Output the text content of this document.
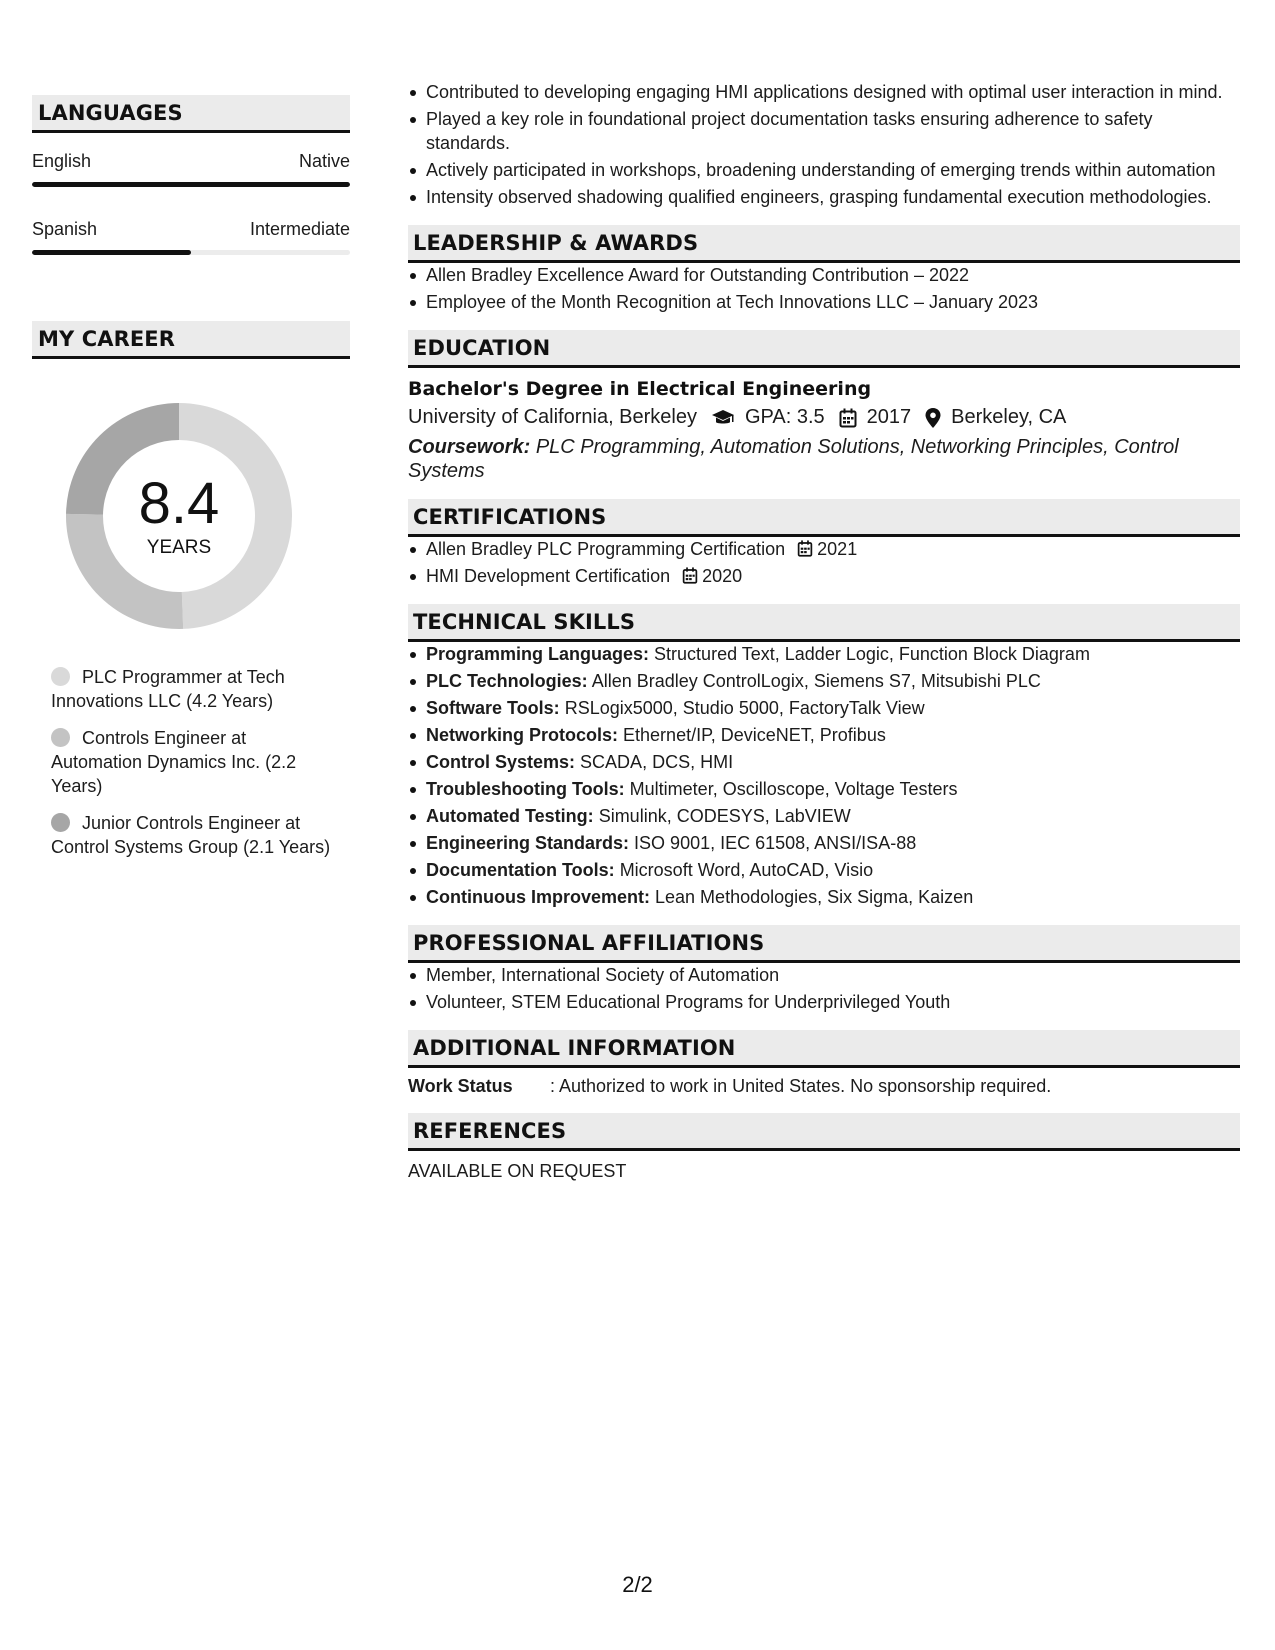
LANGUAGES
English	Native
Spanish	Intermediate
MY CAREER
8.4
YEARS
PLC Programmer at Tech Innovations LLC (4.2 Years)
Controls Engineer at Automation Dynamics Inc. (2.2 Years)
Junior Controls Engineer at Control Systems Group (2.1 Years)
Contributed to developing engaging HMI applications designed with optimal user interaction in mind.
Played a key role in foundational project documentation tasks ensuring adherence to safety standards.
Actively participated in workshops, broadening understanding of emerging trends within automation
Intensity observed shadowing qualified engineers, grasping fundamental execution methodologies.
LEADERSHIP & AWARDS
Allen Bradley Excellence Award for Outstanding Contribution – 2022
Employee of the Month Recognition at Tech Innovations LLC – January 2023
EDUCATION
Bachelor's Degree in Electrical Engineering
University of California, Berkeley GPA: 3.5 2017 Berkeley, CA
Coursework: PLC Programming, Automation Solutions, Networking Principles, Control Systems
CERTIFICATIONS
Allen Bradley PLC Programming Certification 2021
HMI Development Certification 2020
TECHNICAL SKILLS
Programming Languages: Structured Text, Ladder Logic, Function Block Diagram
PLC Technologies: Allen Bradley ControlLogix, Siemens S7, Mitsubishi PLC
Software Tools: RSLogix5000, Studio 5000, FactoryTalk View
Networking Protocols: Ethernet/IP, DeviceNET, Profibus
Control Systems: SCADA, DCS, HMI
Troubleshooting Tools: Multimeter, Oscilloscope, Voltage Testers
Automated Testing: Simulink, CODESYS, LabVIEW
Engineering Standards: ISO 9001, IEC 61508, ANSI/ISA-88
Documentation Tools: Microsoft Word, AutoCAD, Visio
Continuous Improvement: Lean Methodologies, Six Sigma, Kaizen
PROFESSIONAL AFFILIATIONS
Member, International Society of Automation
Volunteer, STEM Educational Programs for Underprivileged Youth
ADDITIONAL INFORMATION
Work Status	: Authorized to work in United States. No sponsorship required.
REFERENCES
AVAILABLE ON REQUEST
2/2
